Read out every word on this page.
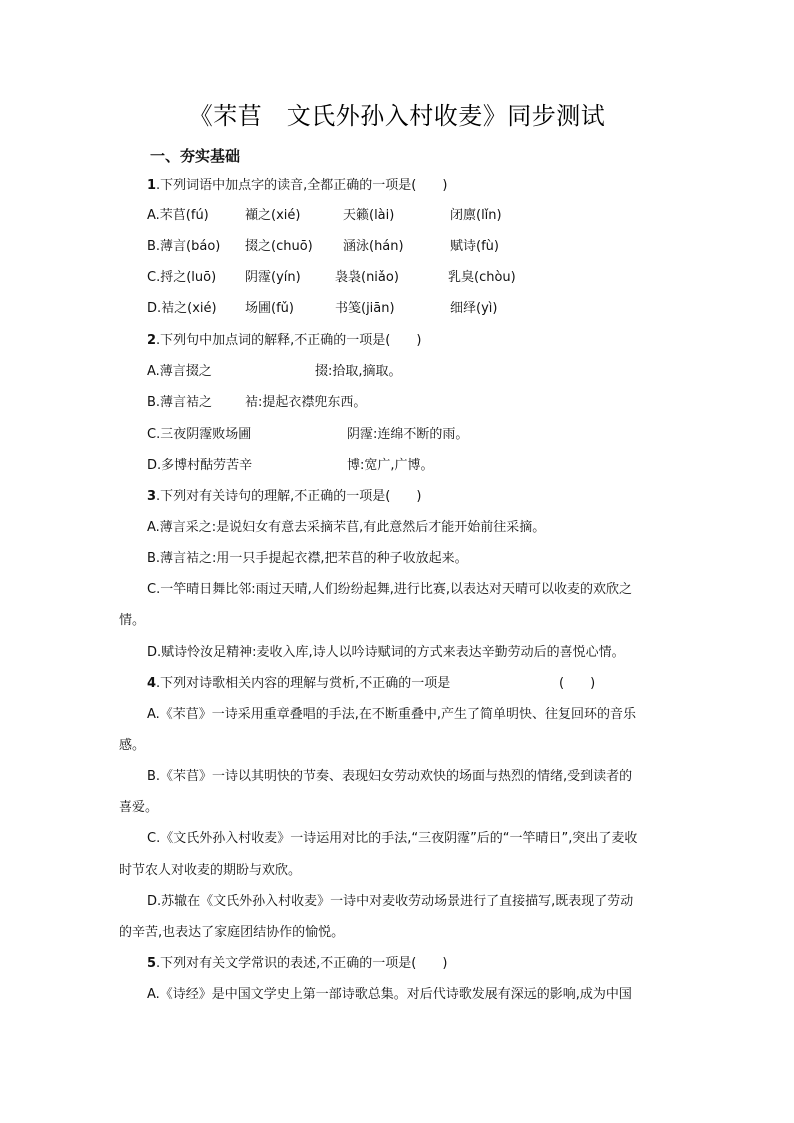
《芣苢　文氏外孙入村收麦》同步测试
一、夯实基础
1.下列词语中加点字的读音,全都正确的一项是(　　)
A.芣苢(fú)	襭之(xié)	天籁(lài)	闭廪(lǐn)
B.薄言(báo) 掇之(chuō) 涵泳(hán)	赋诗(fù)
C.捋之(luō) 阴霪(yín)	袅袅(niǎo)	乳臭(chòu)
D.袺之(xié) 场圃(fǔ)	书笺(jiān)	细绎(yì)
2.下列句中加点词的解释,不正确的一项是(　　)
A.薄言掇之	掇:拾取,摘取。
B.薄言袺之	袺:提起衣襟兜东西。
C.三夜阴霪败场圃	阴霪:连绵不断的雨。
D.多博村酤劳苦辛	博:宽广,广博。
3.下列对有关诗句的理解,不正确的一项是(　　)
A.薄言采之:是说妇女有意去采摘芣苢,有此意然后才能开始前往采摘。
B.薄言袺之:用一只手提起衣襟,把芣苢的种子收放起来。
C.一竿晴日舞比邻:雨过天晴,人们纷纷起舞,进行比赛,以表达对天晴可以收麦的欢欣之
情。
D.赋诗怜汝足精神:麦收入库,诗人以吟诗赋词的方式来表达辛勤劳动后的喜悦心情。
4.下列对诗歌相关内容的理解与赏析,不正确的一项是	(　　)
A.《芣苢》一诗采用重章叠唱的手法,在不断重叠中,产生了简单明快、往复回环的音乐
感。
B.《芣苢》一诗以其明快的节奏、表现妇女劳动欢快的场面与热烈的情绪,受到读者的
喜爱。
C.《文氏外孙入村收麦》一诗运用对比的手法,“三夜阴霪”后的“一竿晴日”,突出了麦收
时节农人对收麦的期盼与欢欣。
D.苏辙在《文氏外孙入村收麦》一诗中对麦收劳动场景进行了直接描写,既表现了劳动
的辛苦,也表达了家庭团结协作的愉悦。
5.下列对有关文学常识的表述,不正确的一项是(　　)
A.《诗经》是中国文学史上第一部诗歌总集。对后代诗歌发展有深远的影响,成为中国
